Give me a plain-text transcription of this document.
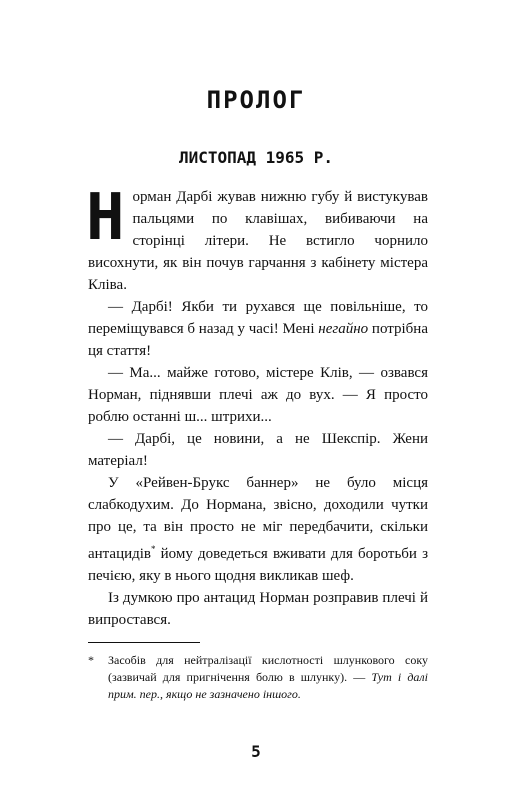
ПРОЛОГ
ЛИСТОПАД 1965 Р.

Норман Дарбі жував нижню губу й вистукував пальцями по клавішах, вибиваючи на сторінці літери. Не встигло чорнило висохнути, як він почув гарчання з кабінету містера Кліва.

— Дарбі! Якби ти рухався ще повільніше, то переміщувався б назад у часі! Мені негайно потрібна ця стаття!

— Ма... майже готово, містере Клів, — озвався Норман, піднявши плечі аж до вух. — Я просто роблю останні ш... штрихи...

— Дарбі, це новини, а не Шекспір. Жени матеріал!

У «Рейвен-Брукс баннер» не було місця слабкодухим. До Нормана, звісно, доходили чутки про це, та він просто не міг передбачити, скільки антацидів* йому доведеться вживати для боротьби з печією, яку в нього щодня викликав шеф.

Із думкою про антацид Норман розправив плечі й випростався.

* Засобів для нейтралізації кислотності шлункового соку (зазвичай для пригнічення болю в шлунку). — Тут і далі прим. пер., якщо не зазначено іншого.
5
